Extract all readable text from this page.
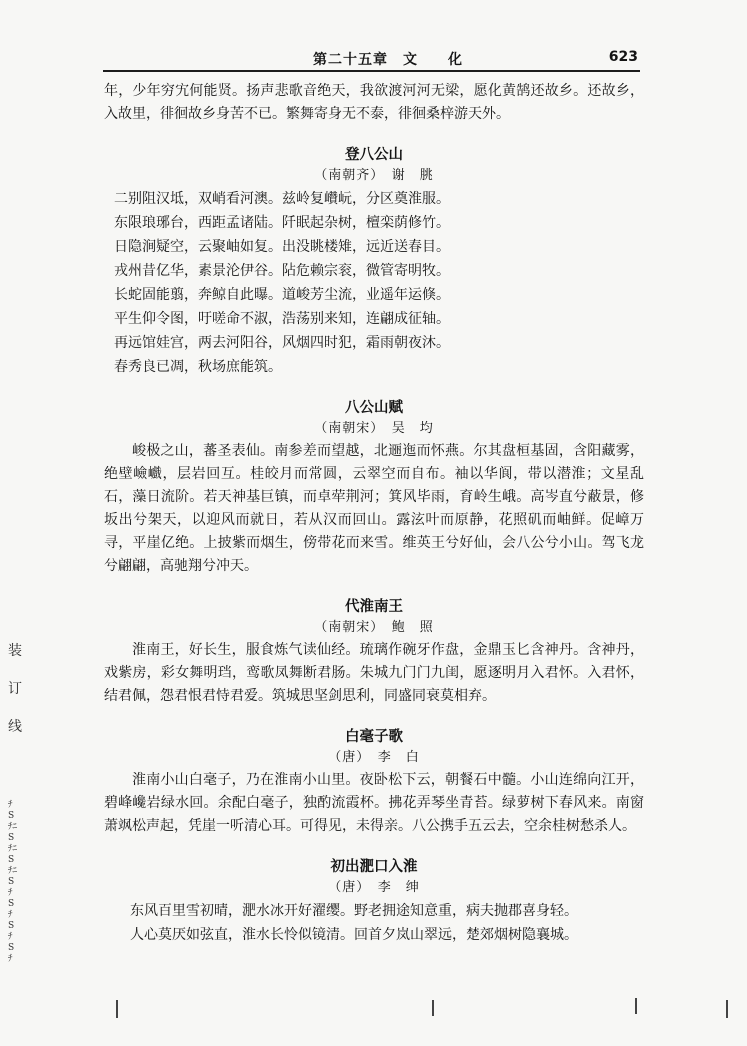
第二十五章　文　　化	623

年，少年穷宄何能贤。扬声悲歌音绝天，我欲渡河河无梁，愿化黄鹄还故乡。还故乡，入故里，徘徊故乡身苦不已。繁舞寄身无不泰，徘徊桑梓游天外。

登八公山
（南朝齐）　谢　朓
二别阻汉坻，双峭看河澳。兹岭复巑岏，分区奠淮服。
东限琅琊台，西距孟诸陆。阡眠起杂树，檀栾荫修竹。
日隐涧疑空，云聚岫如复。出没眺楼雉，远近送春目。
戎州昔亿华，素景沦伊谷。阽危赖宗衮，微管寄明牧。
长蛇固能翦，奔鲸自此曝。道峻芳尘流，业遥年运倏。
平生仰令图，吁嗟命不淑，浩荡别来知，连翩成征轴。
再远馆娃宫，两去河阳谷，风烟四时犯，霜雨朝夜沐。
春秀良已凋，秋场庶能筑。
八公山赋
（南朝宋）　吴　均

峻极之山，蕃圣表仙。南参差而望越，北逦迤而怀燕。尔其盘桓基固，含阳藏雾，绝壁嶮巇，层岩回互。桂皎月而常圆，云翠空而自布。袖以华阆，带以潜淮；文星乱石，藻日流阶。若天神基巨镇，而卓荦荆河；箕风毕雨，育岭生峨。高岑直兮蔽景，修坂出兮架天，以迎风而就日，若从汉而回山。露泫叶而原静，花照矶而岫鲜。促嶂万寻，平崖亿绝。上披紫而烟生，傍带花而来雪。维英王兮好仙，会八公兮小山。驾飞龙兮翩翩，高驰翔兮冲天。

代淮南王
（南朝宋）　鲍　照

淮南王，好长生，服食炼气读仙经。琉璃作碗牙作盘，金鼎玉匕含神丹。含神丹，戏紫房，彩女舞明珰，鸾歌凤舞断君肠。朱城九门门九闺，愿逐明月入君怀。入君怀，结君佩，怨君恨君恃君爱。筑城思坚剑思利，同盛同衰莫相弃。

白毫子歌
（唐）　李　白

淮南小山白毫子，乃在淮南小山里。夜卧松下云，朝餐石中髓。小山连绵向江开，碧峰巉岩绿水回。余配白毫子，独酌流霞杯。拂花弄琴坐青苔。绿萝树下春风来。南窗萧飒松声起，凭崖一听清心耳。可得见，未得亲。八公携手五云去，空余桂树愁杀人。

初出淝口入淮
（唐）　李　绅
东风百里雪初晴，淝水冰开好濯缨。野老拥途知意重，病夫抛郡喜身轻。
人心莫厌如弦直，淮水长怜似镜清。回首夕岚山翠远，楚郊烟树隐襄城。
装
订
线
ﾁSﾁﾆSﾁﾆSﾁﾆSﾁSﾁSﾁSﾁ
